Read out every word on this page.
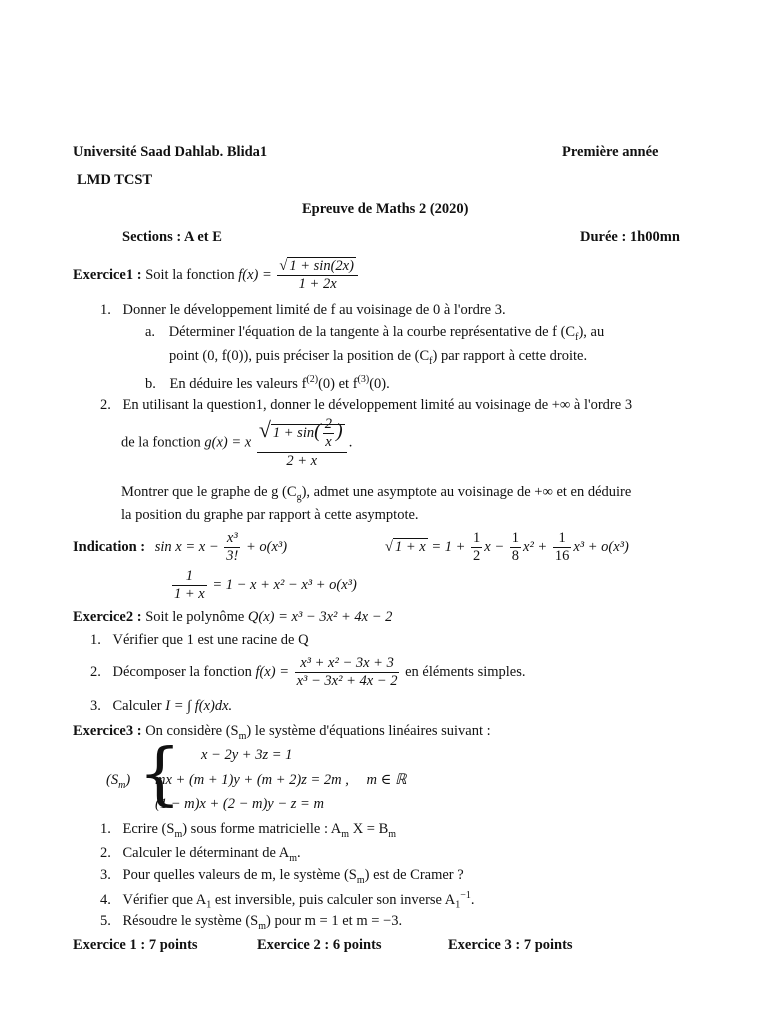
Université Saad Dahlab. Blida1	Première année
LMD TCST
Epreuve de Maths 2 (2020)
Sections : A et E	Durée : 1h00mn
Exercice1 : Soit la fonction $f(x) = \frac{√ 1 + \sin(2x)}{1 + 2x}$
1. Donner le développement limité de f au voisinage de 0 à l'ordre 3.
a. Déterminer l'équation de la tangente à la courbe représentative de f $(C_f)$, au
point (0, f(0)), puis préciser la position de $(C_f)$ par rapport à cette droite.
b. En déduire les valeurs $f^{(2)}(0)$ et $f^{(3)}(0)$.
2. En utilisant la question1, donner le développement limité au voisinage de +∞ à l'ordre 3
de la fonction g(x) = x $\frac{√ 1 + \sin( \frac{2}{x} )}{2 + x}$ .
Montrer que le graphe de g $(C_g)$, admet une asymptote au voisinage de +∞ et en déduire
la position du graphe par rapport à cette asymptote.
Indication : $\sin x = x - \frac{\text{x³}}{3!} + o(x^3)$	√ $1 + x = 1 + \frac{1}{2}$ $x - \frac{1}{8} x^2 + \frac{1}{16} x^3 + o(x^3)$
$\frac{1}{1 + x} = 1 - x + x^2 - x^3 + o(x^3)$
Exercice2 : Soit le polynôme Q(x) = x³ − 3x² + 4x − 2
1. Vérifier que 1 est une racine de Q
2. Décomposer la fonction $f(x) = \frac{\text{x³ + x² − 3x + 3}}{\text{x³ − 3x² + 4x − 2}}$ en éléments simples.
3. Calculer I = ∫ f(x)dx.
Exercice3 : On considère $(S_m)$ le système d'équations linéaires suivant :
$(S_m)$ { x − 2y + 3z = 1
mx + (m + 1)y + (m + 2)z = 2m , m ∈ ℝ
(1 − m)x + (2 − m)y − z = m
1. Ecrire $(S_m)$ sous forme matricielle : $A_m$ $X = B_m$
2. Calculer le déterminant de $A_m$.
3. Pour quelles valeurs de m, le système $(S_m)$ est de Cramer ?
4. Vérifier que $A_1$ est inversible, puis calculer son inverse $A_1^{-1}$.
5. Résoudre le système $(S_m)$ pour m = 1 et m = −3.
Exercice 1 : 7 points	Exercice 2 : 6 points	Exercice 3 : 7 points
